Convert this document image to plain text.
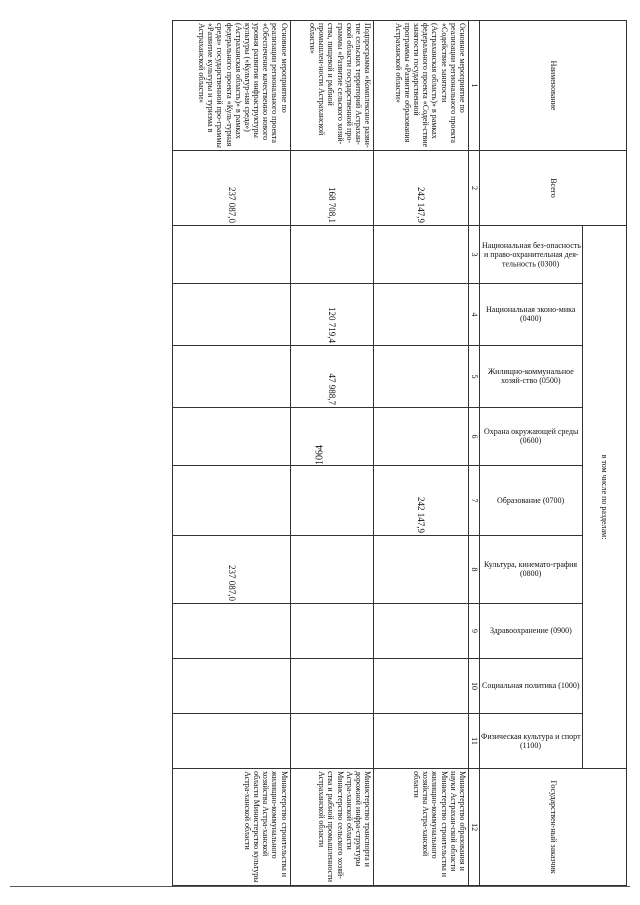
1064
Наименование	Всего	в том числе по разделам:									Государствен-ный заказчик

		Национальная без-опасность и право-охранительная дея-тельность (0300)	Национальная эконо-мика (0400)	Жилищно-коммунальное хозяй-ство (0500)	Охрана окружающей среды (0600)	Образование (0700)	Культура, кинемато-графия (0800)	Здравоохранение (0900)	Социальная политика (1000)	Физическая культура и спорт (1100)	

1	2	3	4	5	6	7	8	9	10	11	12
Основное мероприятие по реализации регионального проекта «Содействие занятости (Астраханская область)» в рамках федерального проекта «Содей-ствие занятости государственной программы «Развитие образования Астраханской области»	242 147,9					242 147,9					Министерство образования и науки Астрахан-ской области Министерство строительства и жилищно-коммунального хозяйства Астра-ханской области
Подпрограмма «Комплексное разви-тие сельских территорий Астрахан-ской области государственной про-граммы «Развитие сельского хозяй-ства, пищевой и рыбной промышлен-ности Астраханской области»	168 708,1		120 719,4	47 988,7							Министерство транспорта и дорожной инфра-структуры Астра-ханской области Министерство сельского хозяй-ства и рыбной промышленности Астраханской области
Основное мероприятие по реализации регионального проекта «Обеспечение качественно нового уровня развития инфраструктуры культуры («Культур-ная среда») (Астраханская область)» в рамках федерального проекта «Куль-турная среда» государственной про-граммы «Развитие культуры и туризма в Астраханской области»	237 087,0						237 087,0				Министерство строительства и жилищно-коммунального хозяйства Астра-ханской области Министерство культуры Астра-ханской области
